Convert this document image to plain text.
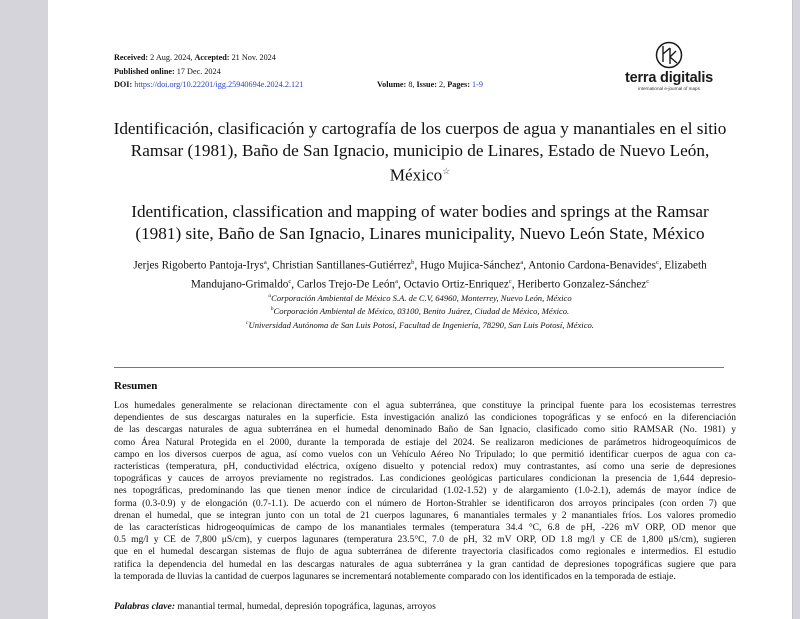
Received: 2 Aug. 2024, Accepted: 21 Nov. 2024
Published online: 17 Dec. 2024
DOI: https://doi.org/10.22201/igg.25940694e.2024.2.121	Volume: 8, Issue: 2, Pages: 1-9	terra digitalis
international e-journal of maps
Identificación, clasificación y cartografía de los cuerpos de agua y manantiales en el sitio
Ramsar (1981), Baño de San Ignacio, municipio de Linares, Estado de Nuevo León,
México☆
Identification, classification and mapping of water bodies and springs at the Ramsar
(1981) site, Baño de San Ignacio, Linares municipality, Nuevo León State, México
Jerjes Rigoberto Pantoja-Irys$^a$, Christian Santillanes-Gutiérrez$^b$, Hugo Mujica-Sánchez$^a$, Antonio Cardona-Benavides$^c$, Elizabeth
Mandujano-Grimaldo$^c$, Carlos Trejo-De León$^a$, Octavio Ortiz-Enriquez$^c$, Heriberto Gonzalez-Sánchez$^c$
$^a$Corporación Ambiental de México S.A. de C.V, 64960, Monterrey, Nuevo León, México
$^b$Corporación Ambiental de México, 03100, Benito Juárez, Ciudad de México, México.
$^c$Universidad Autónoma de San Luis Potosí, Facultad de Ingeniería, 78290, San Luis Potosí, México.
Resumen
Los humedales generalmente se relacionan directamente con el agua subterránea, que constituye la principal fuente para los ecosistemas terrestres
dependientes de sus descargas naturales en la superficie. Esta investigación analizó las condiciones topográficas y se enfocó en la diferenciación
de las descargas naturales de agua subterránea en el humedal denominado Baño de San Ignacio, clasificado como sitio RAMSAR (No. 1981) y
como Área Natural Protegida en el 2000, durante la temporada de estiaje del 2024. Se realizaron mediciones de parámetros hidrogeoquímicos de
campo en los diversos cuerpos de agua, así como vuelos con un Vehículo Aéreo No Tripulado; lo que permitió identificar cuerpos de agua con ca-
racterísticas (temperatura, pH, conductividad eléctrica, oxígeno disuelto y potencial redox) muy contrastantes, así como una serie de depresiones
topográficas y cauces de arroyos previamente no registrados. Las condiciones geológicas particulares condicionan la presencia de 1,644 depresio-
nes topográficas, predominando las que tienen menor índice de circularidad (1.02-1.52) y de alargamiento (1.0-2.1), además de mayor índice de
forma (0.3-0.9) y de elongación (0.7-1.1). De acuerdo con el número de Horton-Strahler se identificaron dos arroyos principales (con orden 7) que
drenan el humedal, que se integran junto con un total de 21 cuerpos lagunares, 6 manantiales termales y 2 manantiales fríos. Los valores promedio
de las características hidrogeoquímicas de campo de los manantiales termales (temperatura 34.4 °C, 6.8 de pH, -226 mV ORP, OD menor que
0.5 mg/l y CE de 7,800 μS/cm), y cuerpos lagunares (temperatura 23.5°C, 7.0 de pH, 32 mV ORP, OD 1.8 mg/l y CE de 1,800 μS/cm), sugieren
que en el humedal descargan sistemas de flujo de agua subterránea de diferente trayectoria clasificados como regionales e intermedios. El estudio
ratifica la dependencia del humedal en las descargas naturales de agua subterránea y la gran cantidad de depresiones topográficas sugiere que para
la temporada de lluvias la cantidad de cuerpos lagunares se incrementará notablemente comparado con los identificados en la temporada de estiaje.
Palabras clave: manantial termal, humedal, depresión topográfica, lagunas, arroyos
